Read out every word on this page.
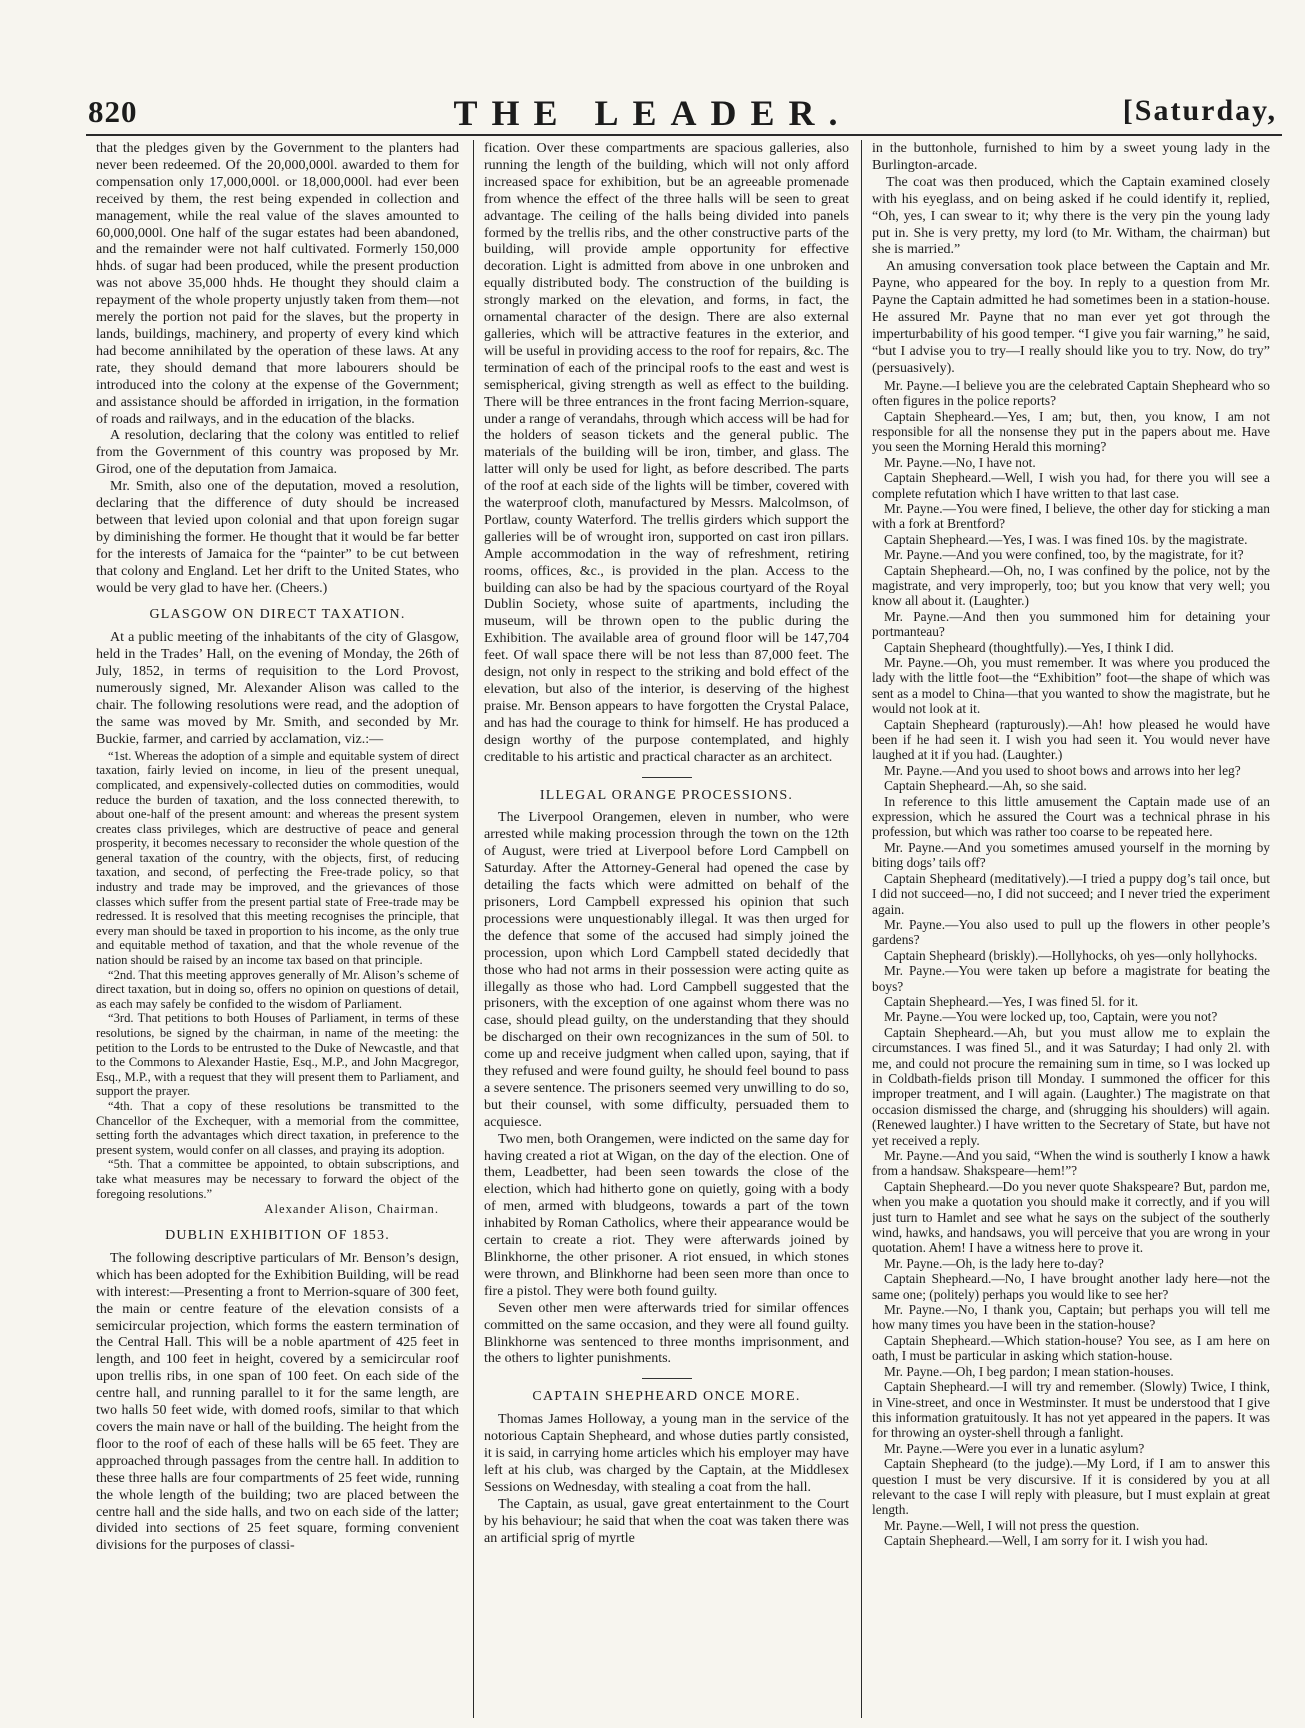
820	THE LEADER.	[Saturday,

that the pledges given by the Government to the planters had never been redeemed. Of the 20,000,000l. awarded to them for compensation only 17,000,000l. or 18,000,000l. had ever been received by them, the rest being expended in collection and management, while the real value of the slaves amounted to 60,000,000l. One half of the sugar estates had been abandoned, and the remainder were not half cultivated. Formerly 150,000 hhds. of sugar had been produced, while the present production was not above 35,000 hhds. He thought they should claim a repayment of the whole property unjustly taken from them—not merely the portion not paid for the slaves, but the property in lands, buildings, machinery, and property of every kind which had become annihilated by the operation of these laws. At any rate, they should demand that more labourers should be introduced into the colony at the expense of the Government; and assistance should be afforded in irrigation, in the formation of roads and railways, and in the education of the blacks.

A resolution, declaring that the colony was entitled to relief from the Government of this country was proposed by Mr. Girod, one of the deputation from Jamaica.

Mr. Smith, also one of the deputation, moved a resolution, declaring that the difference of duty should be increased between that levied upon colonial and that upon foreign sugar by diminishing the former. He thought that it would be far better for the interests of Jamaica for the “painter” to be cut between that colony and England. Let her drift to the United States, who would be very glad to have her. (Cheers.)

GLASGOW ON DIRECT TAXATION.

At a public meeting of the inhabitants of the city of Glasgow, held in the Trades’ Hall, on the evening of Monday, the 26th of July, 1852, in terms of requisition to the Lord Provost, numerously signed, Mr. Alexander Alison was called to the chair. The following resolutions were read, and the adoption of the same was moved by Mr. Smith, and seconded by Mr. Buckie, farmer, and carried by acclamation, viz.:—

“1st. Whereas the adoption of a simple and equitable system of direct taxation, fairly levied on income, in lieu of the present unequal, complicated, and expensively-collected duties on commodities, would reduce the burden of taxation, and the loss connected therewith, to about one-half of the present amount: and whereas the present system creates class privileges, which are destructive of peace and general prosperity, it becomes necessary to reconsider the whole question of the general taxation of the country, with the objects, first, of reducing taxation, and second, of perfecting the Free-trade policy, so that industry and trade may be improved, and the grievances of those classes which suffer from the present partial state of Free-trade may be redressed. It is resolved that this meeting recognises the principle, that every man should be taxed in proportion to his income, as the only true and equitable method of taxation, and that the whole revenue of the nation should be raised by an income tax based on that principle.

“2nd. That this meeting approves generally of Mr. Alison’s scheme of direct taxation, but in doing so, offers no opinion on questions of detail, as each may safely be confided to the wisdom of Parliament.

“3rd. That petitions to both Houses of Parliament, in terms of these resolutions, be signed by the chairman, in name of the meeting: the petition to the Lords to be entrusted to the Duke of Newcastle, and that to the Commons to Alexander Hastie, Esq., M.P., and John Macgregor, Esq., M.P., with a request that they will present them to Parliament, and support the prayer.

“4th. That a copy of these resolutions be transmitted to the Chancellor of the Exchequer, with a memorial from the committee, setting forth the advantages which direct taxation, in preference to the present system, would confer on all classes, and praying its adoption.

“5th. That a committee be appointed, to obtain subscriptions, and take what measures may be necessary to forward the object of the foregoing resolutions.”

Alexander Alison, Chairman.
DUBLIN EXHIBITION OF 1853.

The following descriptive particulars of Mr. Benson’s design, which has been adopted for the Exhibition Building, will be read with interest:—Presenting a front to Merrion-square of 300 feet, the main or centre feature of the elevation consists of a semicircular projection, which forms the eastern termination of the Central Hall. This will be a noble apartment of 425 feet in length, and 100 feet in height, covered by a semicircular roof upon trellis ribs, in one span of 100 feet. On each side of the centre hall, and running parallel to it for the same length, are two halls 50 feet wide, with domed roofs, similar to that which covers the main nave or hall of the building. The height from the floor to the roof of each of these halls will be 65 feet. They are approached through passages from the centre hall. In addition to these three halls are four compartments of 25 feet wide, running the whole length of the building; two are placed between the centre hall and the side halls, and two on each side of the latter; divided into sections of 25 feet square, forming convenient divisions for the purposes of classi-

fication. Over these compartments are spacious galleries, also running the length of the building, which will not only afford increased space for exhibition, but be an agreeable promenade from whence the effect of the three halls will be seen to great advantage. The ceiling of the halls being divided into panels formed by the trellis ribs, and the other constructive parts of the building, will provide ample opportunity for effective decoration. Light is admitted from above in one unbroken and equally distributed body. The construction of the building is strongly marked on the elevation, and forms, in fact, the ornamental character of the design. There are also external galleries, which will be attractive features in the exterior, and will be useful in providing access to the roof for repairs, &c. The termination of each of the principal roofs to the east and west is semispherical, giving strength as well as effect to the building. There will be three entrances in the front facing Merrion-square, under a range of verandahs, through which access will be had for the holders of season tickets and the general public. The materials of the building will be iron, timber, and glass. The latter will only be used for light, as before described. The parts of the roof at each side of the lights will be timber, covered with the waterproof cloth, manufactured by Messrs. Malcolmson, of Portlaw, county Waterford. The trellis girders which support the galleries will be of wrought iron, supported on cast iron pillars. Ample accommodation in the way of refreshment, retiring rooms, offices, &c., is provided in the plan. Access to the building can also be had by the spacious courtyard of the Royal Dublin Society, whose suite of apartments, including the museum, will be thrown open to the public during the Exhibition. The available area of ground floor will be 147,704 feet. Of wall space there will be not less than 87,000 feet. The design, not only in respect to the striking and bold effect of the elevation, but also of the interior, is deserving of the highest praise. Mr. Benson appears to have forgotten the Crystal Palace, and has had the courage to think for himself. He has produced a design worthy of the purpose contemplated, and highly creditable to his artistic and practical character as an architect.

ILLEGAL ORANGE PROCESSIONS.

The Liverpool Orangemen, eleven in number, who were arrested while making procession through the town on the 12th of August, were tried at Liverpool before Lord Campbell on Saturday. After the Attorney-General had opened the case by detailing the facts which were admitted on behalf of the prisoners, Lord Campbell expressed his opinion that such processions were unquestionably illegal. It was then urged for the defence that some of the accused had simply joined the procession, upon which Lord Campbell stated decidedly that those who had not arms in their possession were acting quite as illegally as those who had. Lord Campbell suggested that the prisoners, with the exception of one against whom there was no case, should plead guilty, on the understanding that they should be discharged on their own recognizances in the sum of 50l. to come up and receive judgment when called upon, saying, that if they refused and were found guilty, he should feel bound to pass a severe sentence. The prisoners seemed very unwilling to do so, but their counsel, with some difficulty, persuaded them to acquiesce.

Two men, both Orangemen, were indicted on the same day for having created a riot at Wigan, on the day of the election. One of them, Leadbetter, had been seen towards the close of the election, which had hitherto gone on quietly, going with a body of men, armed with bludgeons, towards a part of the town inhabited by Roman Catholics, where their appearance would be certain to create a riot. They were afterwards joined by Blinkhorne, the other prisoner. A riot ensued, in which stones were thrown, and Blinkhorne had been seen more than once to fire a pistol. They were both found guilty.

Seven other men were afterwards tried for similar offences committed on the same occasion, and they were all found guilty. Blinkhorne was sentenced to three months imprisonment, and the others to lighter punishments.

CAPTAIN SHEPHEARD ONCE MORE.

Thomas James Holloway, a young man in the service of the notorious Captain Shepheard, and whose duties partly consisted, it is said, in carrying home articles which his employer may have left at his club, was charged by the Captain, at the Middlesex Sessions on Wednesday, with stealing a coat from the hall.

The Captain, as usual, gave great entertainment to the Court by his behaviour; he said that when the coat was taken there was an artificial sprig of myrtle

in the buttonhole, furnished to him by a sweet young lady in the Burlington-arcade.

The coat was then produced, which the Captain examined closely with his eyeglass, and on being asked if he could identify it, replied, “Oh, yes, I can swear to it; why there is the very pin the young lady put in. She is very pretty, my lord (to Mr. Witham, the chairman) but she is married.”

An amusing conversation took place between the Captain and Mr. Payne, who appeared for the boy. In reply to a question from Mr. Payne the Captain admitted he had sometimes been in a station-house. He assured Mr. Payne that no man ever yet got through the imperturbability of his good temper. “I give you fair warning,” he said, “but I advise you to try—I really should like you to try. Now, do try” (persuasively).

Mr. Payne.—I believe you are the celebrated Captain Shepheard who so often figures in the police reports?

Captain Shepheard.—Yes, I am; but, then, you know, I am not responsible for all the nonsense they put in the papers about me. Have you seen the Morning Herald this morning?

Mr. Payne.—No, I have not.

Captain Shepheard.—Well, I wish you had, for there you will see a complete refutation which I have written to that last case.

Mr. Payne.—You were fined, I believe, the other day for sticking a man with a fork at Brentford?

Captain Shepheard.—Yes, I was. I was fined 10s. by the magistrate.

Mr. Payne.—And you were confined, too, by the magistrate, for it?

Captain Shepheard.—Oh, no, I was confined by the police, not by the magistrate, and very improperly, too; but you know that very well; you know all about it. (Laughter.)

Mr. Payne.—And then you summoned him for detaining your portmanteau?

Captain Shepheard (thoughtfully).—Yes, I think I did.

Mr. Payne.—Oh, you must remember. It was where you produced the lady with the little foot—the “Exhibition” foot—the shape of which was sent as a model to China—that you wanted to show the magistrate, but he would not look at it.

Captain Shepheard (rapturously).—Ah! how pleased he would have been if he had seen it. I wish you had seen it. You would never have laughed at it if you had. (Laughter.)

Mr. Payne.—And you used to shoot bows and arrows into her leg?

Captain Shepheard.—Ah, so she said.

In reference to this little amusement the Captain made use of an expression, which he assured the Court was a technical phrase in his profession, but which was rather too coarse to be repeated here.

Mr. Payne.—And you sometimes amused yourself in the morning by biting dogs’ tails off?

Captain Shepheard (meditatively).—I tried a puppy dog’s tail once, but I did not succeed—no, I did not succeed; and I never tried the experiment again.

Mr. Payne.—You also used to pull up the flowers in other people’s gardens?

Captain Shepheard (briskly).—Hollyhocks, oh yes—only hollyhocks.

Mr. Payne.—You were taken up before a magistrate for beating the boys?

Captain Shepheard.—Yes, I was fined 5l. for it.

Mr. Payne.—You were locked up, too, Captain, were you not?

Captain Shepheard.—Ah, but you must allow me to explain the circumstances. I was fined 5l., and it was Saturday; I had only 2l. with me, and could not procure the remaining sum in time, so I was locked up in Coldbath-fields prison till Monday. I summoned the officer for this improper treatment, and I will again. (Laughter.) The magistrate on that occasion dismissed the charge, and (shrugging his shoulders) will again. (Renewed laughter.) I have written to the Secretary of State, but have not yet received a reply.

Mr. Payne.—And you said, “When the wind is southerly I know a hawk from a handsaw. Shakspeare—hem!”?

Captain Shepheard.—Do you never quote Shakspeare? But, pardon me, when you make a quotation you should make it correctly, and if you will just turn to Hamlet and see what he says on the subject of the southerly wind, hawks, and handsaws, you will perceive that you are wrong in your quotation. Ahem! I have a witness here to prove it.

Mr. Payne.—Oh, is the lady here to-day?

Captain Shepheard.—No, I have brought another lady here—not the same one; (politely) perhaps you would like to see her?

Mr. Payne.—No, I thank you, Captain; but perhaps you will tell me how many times you have been in the station-house?

Captain Shepheard.—Which station-house? You see, as I am here on oath, I must be particular in asking which station-house.

Mr. Payne.—Oh, I beg pardon; I mean station-houses.

Captain Shepheard.—I will try and remember. (Slowly) Twice, I think, in Vine-street, and once in Westminster. It must be understood that I give this information gratuitously. It has not yet appeared in the papers. It was for throwing an oyster-shell through a fanlight.

Mr. Payne.—Were you ever in a lunatic asylum?

Captain Shepheard (to the judge).—My Lord, if I am to answer this question I must be very discursive. If it is considered by you at all relevant to the case I will reply with pleasure, but I must explain at great length.

Mr. Payne.—Well, I will not press the question.

Captain Shepheard.—Well, I am sorry for it. I wish you had.
